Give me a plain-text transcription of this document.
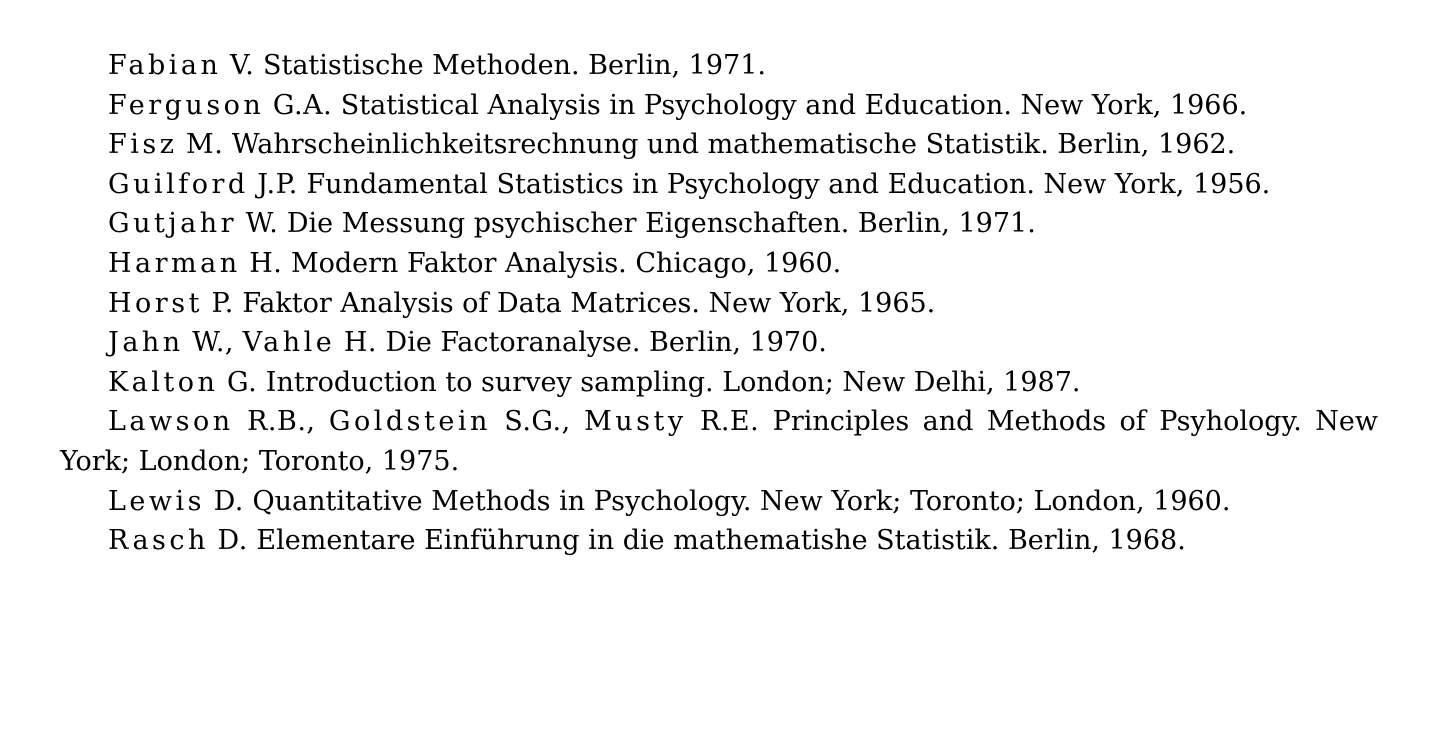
Fabian V. Statistische Methoden. Berlin, 1971.

Ferguson G.A. Statistical Analysis in Psychology and Education. New York, 1966.

Fisz M. Wahrscheinlichkeitsrechnung und mathematische Statistik. Berlin, 1962.

Guilford J.P. Fundamental Statistics in Psychology and Education. New York, 1956.

Gutjahr W. Die Messung psychischer Eigenschaften. Berlin, 1971.

Harman H. Modern Faktor Analysis. Chicago, 1960.

Horst P. Faktor Analysis of Data Matrices. New York, 1965.

Jahn W., Vahle H. Die Factoranalyse. Berlin, 1970.

Kalton G. Introduction to survey sampling. London; New Delhi, 1987.

Lawson R.B., Goldstein S.G., Musty R.E. Principles and Methods of Psyhology. New York; London; Toronto, 1975.

Lewis D. Quantitative Methods in Psychology. New York; Toronto; London, 1960.

Rasch D. Elementare Einführung in die mathematishe Statistik. Berlin, 1968.
